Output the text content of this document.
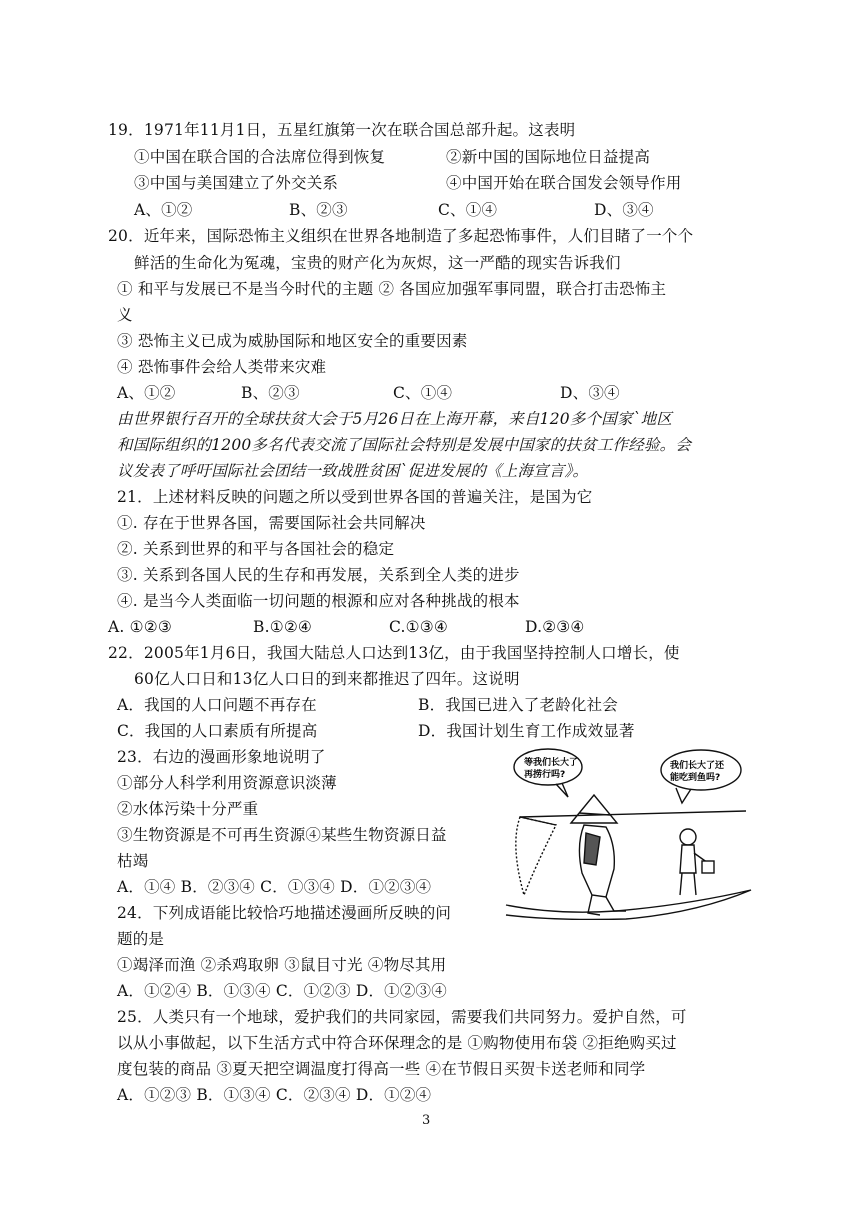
19．1971年11月1日，五星红旗第一次在联合国总部升起。这表明
①中国在联合国的合法席位得到恢复	②新中国的国际地位日益提高
③中国与美国建立了外交关系	④中国开始在联合国发会领导作用
A、①②	B、②③	C、①④	D、③④
20．近年来，国际恐怖主义组织在世界各地制造了多起恐怖事件，人们目睹了一个个
鲜活的生命化为冤魂，宝贵的财产化为灰烬，这一严酷的现实告诉我们
① 和平与发展已不是当今时代的主题 ② 各国应加强军事同盟，联合打击恐怖主
义
③ 恐怖主义已成为威胁国际和地区安全的重要因素
④ 恐怖事件会给人类带来灾难
A、①②	B、②③	C、①④	D、③④
由世界银行召开的全球扶贫大会于5月26日在上海开幕，来自120多个国家`地区
和国际组织的1200多名代表交流了国际社会特别是发展中国家的扶贫工作经验。会
议发表了呼吁国际社会团结一致战胜贫困`促进发展的《上海宣言》。
21．上述材料反映的问题之所以受到世界各国的普遍关注，是国为它
①. 存在于世界各国，需要国际社会共同解决
②. 关系到世界的和平与各国社会的稳定
③. 关系到各国人民的生存和再发展，关系到全人类的进步
④. 是当今人类面临一切问题的根源和应对各种挑战的根本
A. ①②③	B.①②④	C.①③④	D.②③④
22．2005年1月6日，我国大陆总人口达到13亿，由于我国坚持控制人口增长，使
60亿人口日和13亿人口日的到来都推迟了四年。这说明
A．我国的人口问题不再存在	B．我国已进入了老龄化社会
C．我国的人口素质有所提高	D．我国计划生育工作成效显著
23．右边的漫画形象地说明了
①部分人科学利用资源意识淡薄
②水体污染十分严重
③生物资源是不可再生资源④某些生物资源日益
枯竭
A．①④ B．②③④ C．①③④ D．①②③④
24．下列成语能比较恰巧地描述漫画所反映的问
题的是
①竭泽而渔 ②杀鸡取卵 ③鼠目寸光 ④物尽其用
A．①②④ B．①③④ C．①②③ D．①②③④
25．人类只有一个地球，爱护我们的共同家园，需要我们共同努力。爱护自然，可
以从小事做起，以下生活方式中符合环保理念的是 ①购物使用布袋 ②拒绝购买过
度包装的商品 ③夏天把空调温度打得高一些 ④在节假日买贺卡送老师和同学
A．①②③ B．①③④ C．②③④ D．①②④
3
等我们长大了
再捞行吗?
我们长大了还
能吃到鱼吗?
